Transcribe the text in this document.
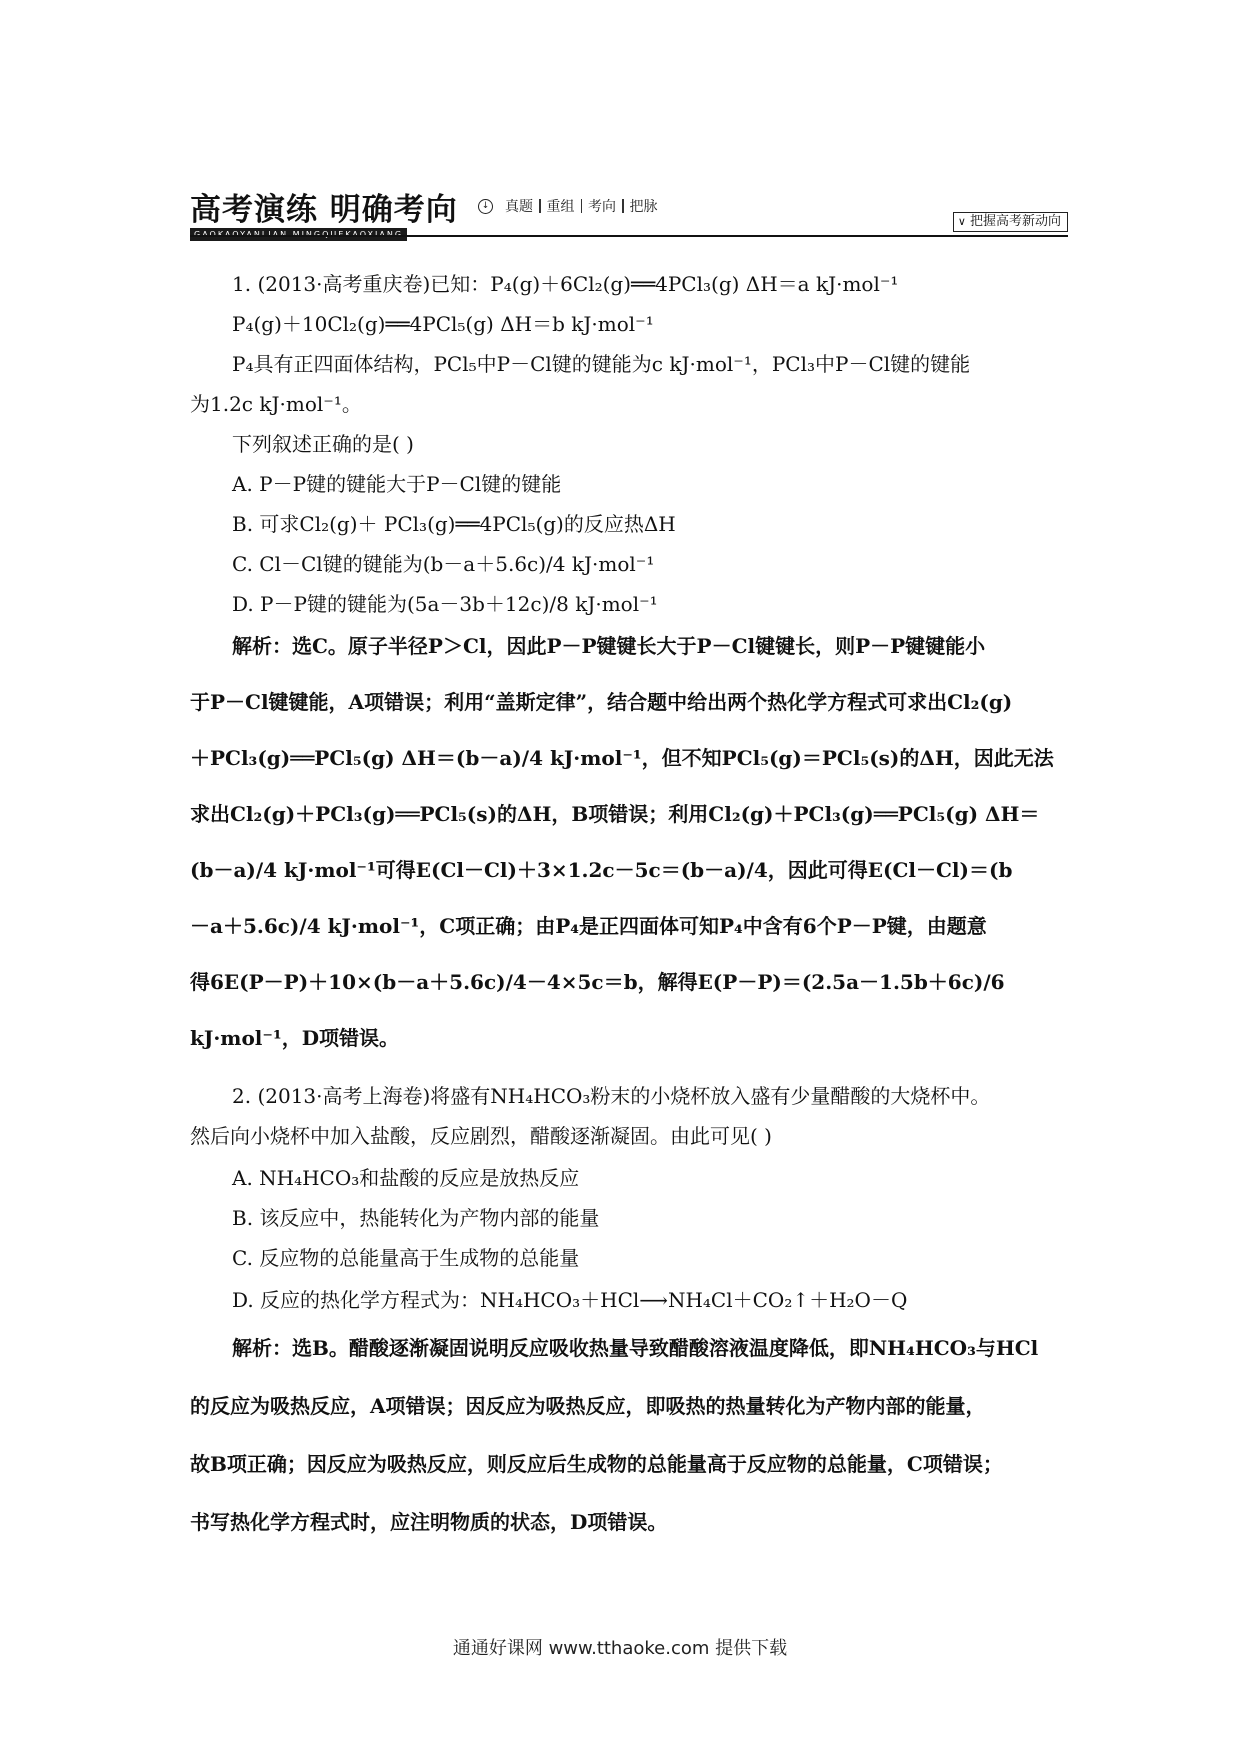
高考演练 明确考向	↓	真题 重组 考向 把脉
∨ 把握高考新动向
1. (2013·高考重庆卷)已知：P₄(g)＋6Cl₂(g)══4PCl₃(g) ΔH＝a kJ·mol⁻¹
P₄(g)＋10Cl₂(g)══4PCl₅(g) ΔH＝b kJ·mol⁻¹
P₄具有正四面体结构，PCl₅中P－Cl键的键能为c kJ·mol⁻¹，PCl₃中P－Cl键的键能
为1.2c kJ·mol⁻¹。
下列叙述正确的是( )
A. P－P键的键能大于P－Cl键的键能
B. 可求Cl₂(g)＋ PCl₃(g)══4PCl₅(g)的反应热ΔH
C. Cl－Cl键的键能为(b－a＋5.6c)/4 kJ·mol⁻¹
D. P－P键的键能为(5a－3b＋12c)/8 kJ·mol⁻¹
解析：选C。原子半径P＞Cl，因此P－P键键长大于P－Cl键键长，则P－P键键能小
于P－Cl键键能，A项错误；利用“盖斯定律”，结合题中给出两个热化学方程式可求出Cl₂(g)
＋PCl₃(g)══PCl₅(g) ΔH＝(b－a)/4 kJ·mol⁻¹，但不知PCl₅(g)＝PCl₅(s)的ΔH，因此无法
求出Cl₂(g)＋PCl₃(g)══PCl₅(s)的ΔH，B项错误；利用Cl₂(g)＋PCl₃(g)══PCl₅(g) ΔH＝
(b－a)/4 kJ·mol⁻¹可得E(Cl－Cl)＋3×1.2c－5c＝(b－a)/4，因此可得E(Cl－Cl)＝(b
－a＋5.6c)/4 kJ·mol⁻¹，C项正确；由P₄是正四面体可知P₄中含有6个P－P键，由题意
得6E(P－P)＋10×(b－a＋5.6c)/4－4×5c＝b，解得E(P－P)＝(2.5a－1.5b＋6c)/6
kJ·mol⁻¹，D项错误。
2. (2013·高考上海卷)将盛有NH₄HCO₃粉末的小烧杯放入盛有少量醋酸的大烧杯中。
然后向小烧杯中加入盐酸，反应剧烈，醋酸逐渐凝固。由此可见( )
A. NH₄HCO₃和盐酸的反应是放热反应
B. 该反应中，热能转化为产物内部的能量
C. 反应物的总能量高于生成物的总能量
D. 反应的热化学方程式为：NH₄HCO₃＋HCl⟶NH₄Cl＋CO₂↑＋H₂O－Q
解析：选B。醋酸逐渐凝固说明反应吸收热量导致醋酸溶液温度降低，即NH₄HCO₃与HCl
的反应为吸热反应，A项错误；因反应为吸热反应，即吸热的热量转化为产物内部的能量，
故B项正确；因反应为吸热反应，则反应后生成物的总能量高于反应物的总能量，C项错误；
书写热化学方程式时，应注明物质的状态，D项错误。
通通好课网 www.tthaoke.com 提供下载
